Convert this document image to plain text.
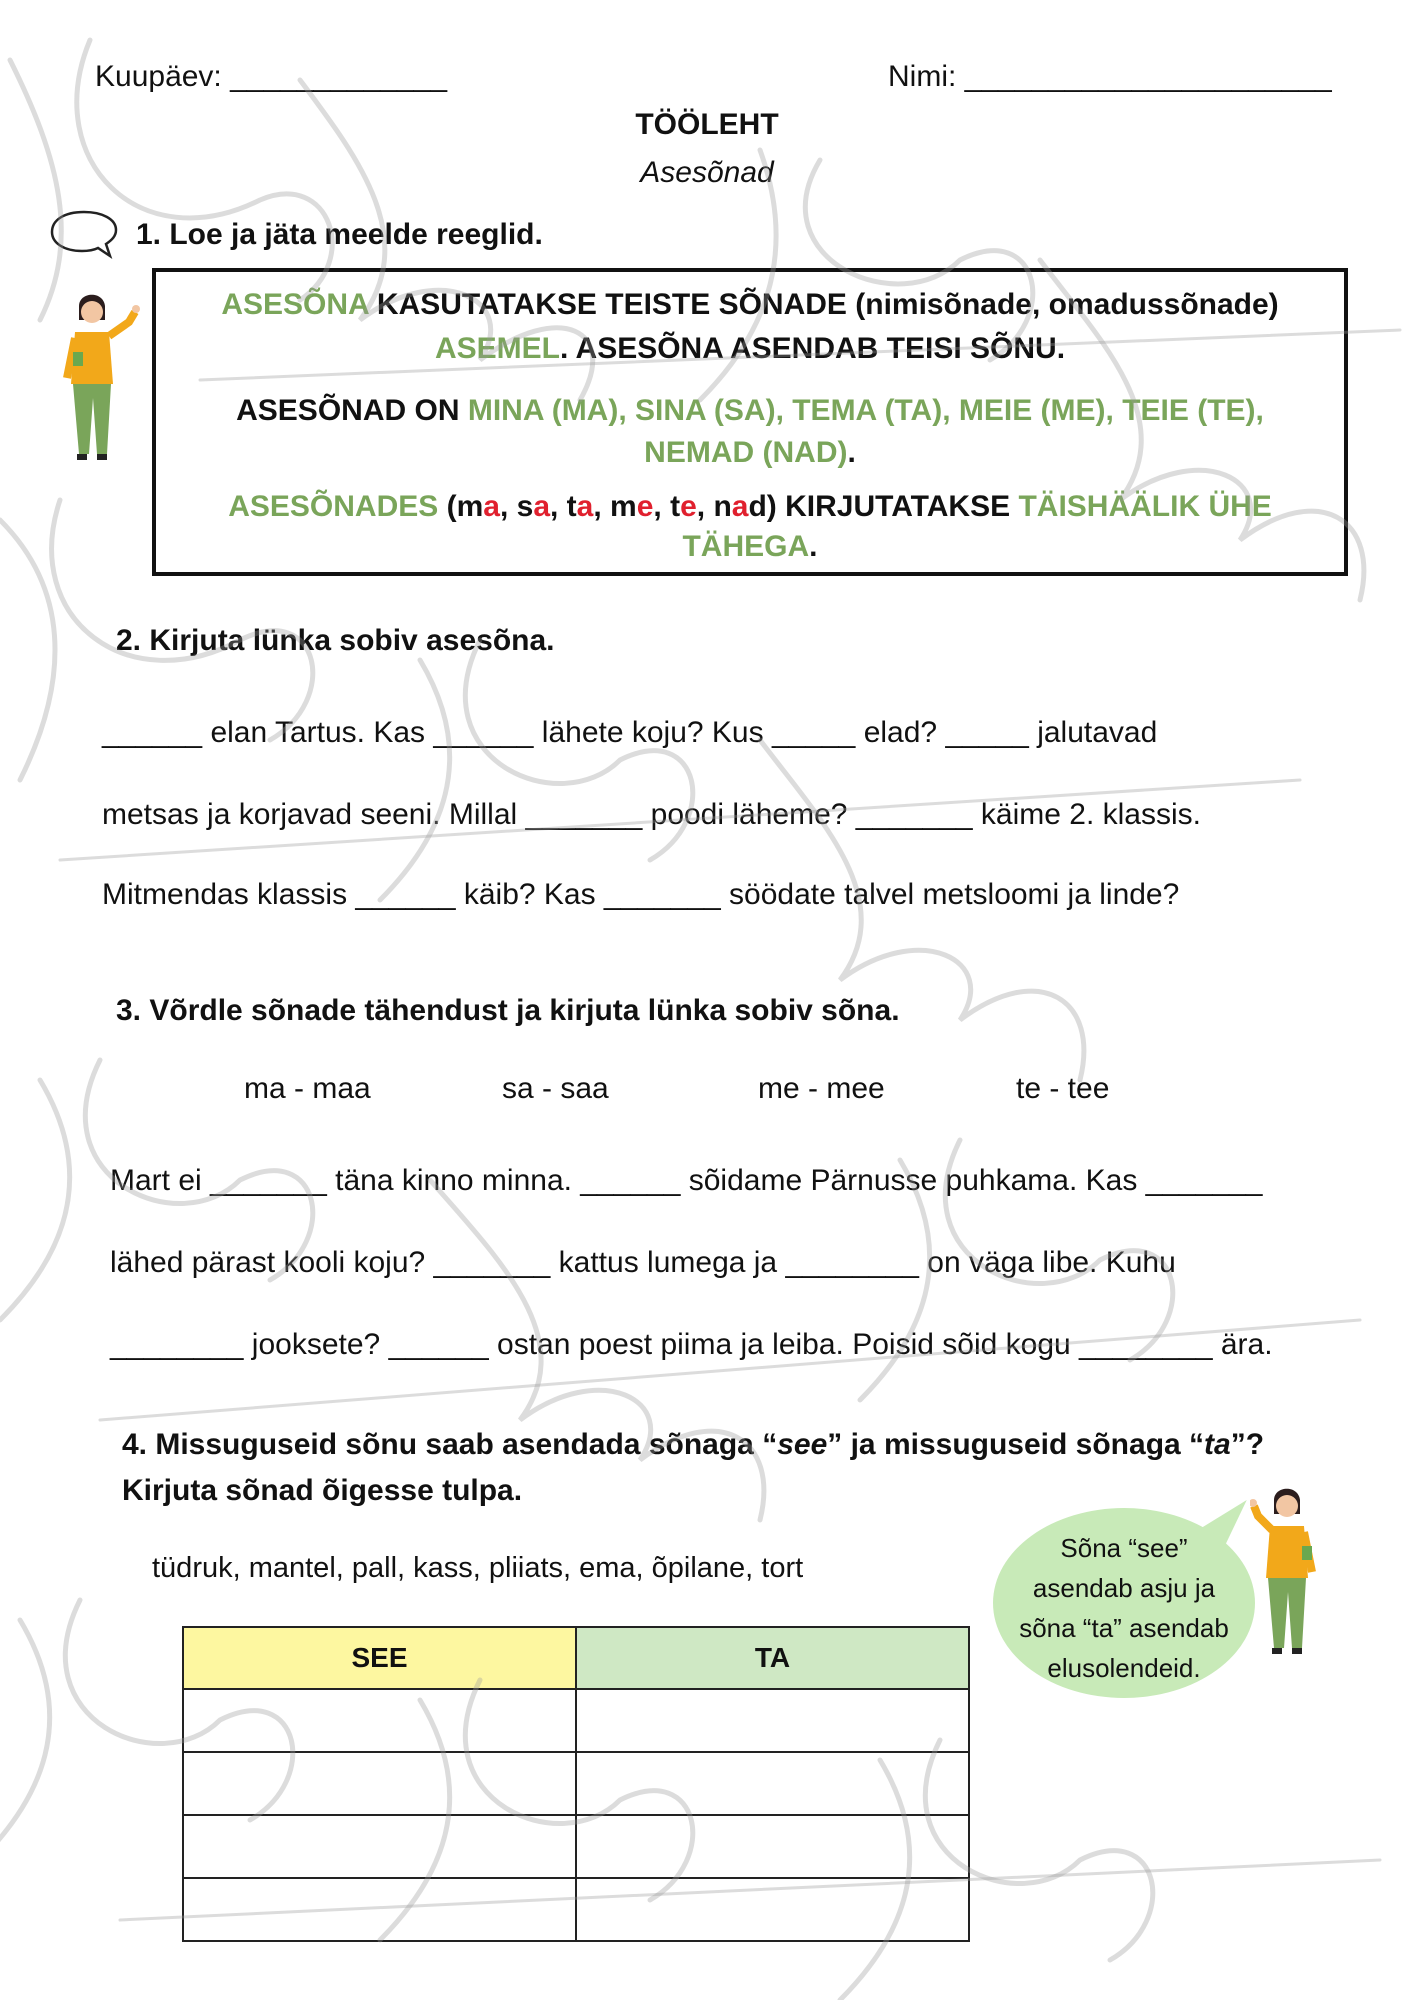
Kuupäev: _____________	Nimi: ______________________
TÖÖLEHT
Asesõnad
1. Loe ja jäta meelde reeglid.
ASESÕNA KASUTATAKSE TEISTE SÕNADE (nimisõnade, omadussõnade)
ASEMEL. ASESÕNA ASENDAB TEISI SÕNU.
ASESÕNAD ON MINA (MA), SINA (SA), TEMA (TA), MEIE (ME), TEIE (TE),
NEMAD (NAD).
ASESÕNADES (ma, sa, ta, me, te, nad) KIRJUTATAKSE TÄISHÄÄLIK ÜHE
TÄHEGA.
2. Kirjuta lünka sobiv asesõna.
______ elan Tartus. Kas ______ lähete koju? Kus _____ elad? _____ jalutavad
metsas ja korjavad seeni. Millal _______ poodi läheme? _______ käime 2. klassis.
Mitmendas klassis ______ käib? Kas _______ söödate talvel metsloomi ja linde?
3. Võrdle sõnade tähendust ja kirjuta lünka sobiv sõna.
ma - maa	sa - saa	me - mee	te - tee
Mart ei _______ täna kinno minna. ______ sõidame Pärnusse puhkama. Kas _______
lähed pärast kooli koju? _______ kattus lumega ja ________ on väga libe. Kuhu
________ jooksete? ______ ostan poest piima ja leiba. Poisid sõid kogu ________ ära.
4. Missuguseid sõnu saab asendada sõnaga “see” ja missuguseid sõnaga “ta”?
Kirjuta sõnad õigesse tulpa.
tüdruk, mantel, pall, kass, pliiats, ema, õpilane, tort
SEE	TA

Sõna “see”
asendab asju ja
sõna “ta” asendab
elusolendeid.
